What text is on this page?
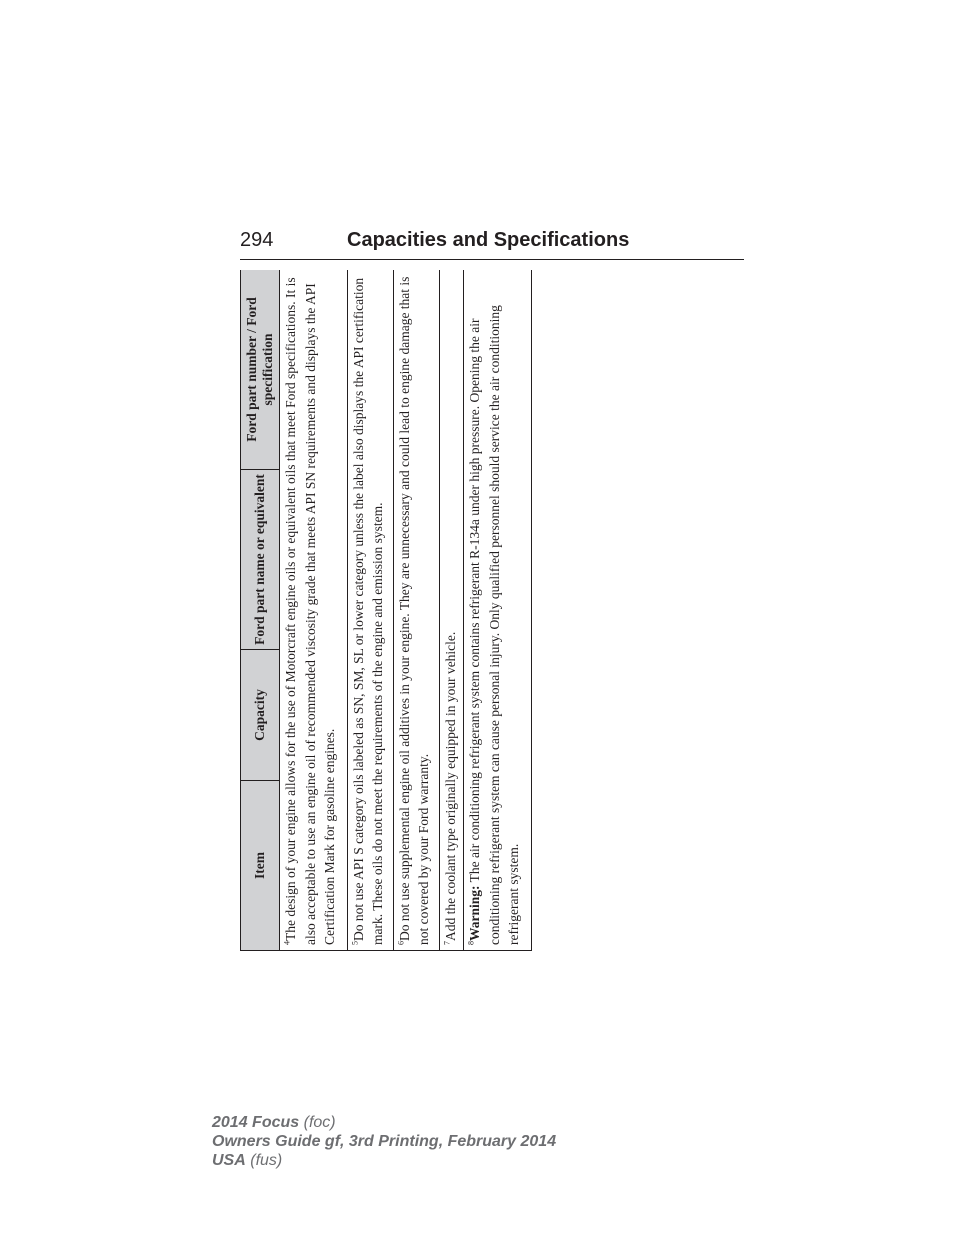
294	Capacities and Specifications
Item	Capacity	Ford part name or equivalent	Ford part number / Ford specification
$^4$The design of your engine allows for the use of Motorcraft engine oils or equivalent oils that meet Ford specifications. It is also acceptable to use an engine oil of recommended viscosity grade that meets API SN requirements and displays the API Certification Mark for gasoline engines.
$^5$Do not use API S category oils labeled as SN, SM, SL or lower category unless the label also displays the API certification mark. These oils do not meet the requirements of the engine and emission system.
$^6$Do not use supplemental engine oil additives in your engine. They are unnecessary and could lead to engine damage that is not covered by your Ford warranty.
$^7$Add the coolant type originally equipped in your vehicle.
$^8$Warning: The air conditioning refrigerant system contains refrigerant R-134a under high pressure. Opening the air conditioning refrigerant system can cause personal injury. Only qualified personnel should service the air conditioning refrigerant system.
2014 Focus (foc)
Owners Guide gf, 3rd Printing, February 2014
USA (fus)
